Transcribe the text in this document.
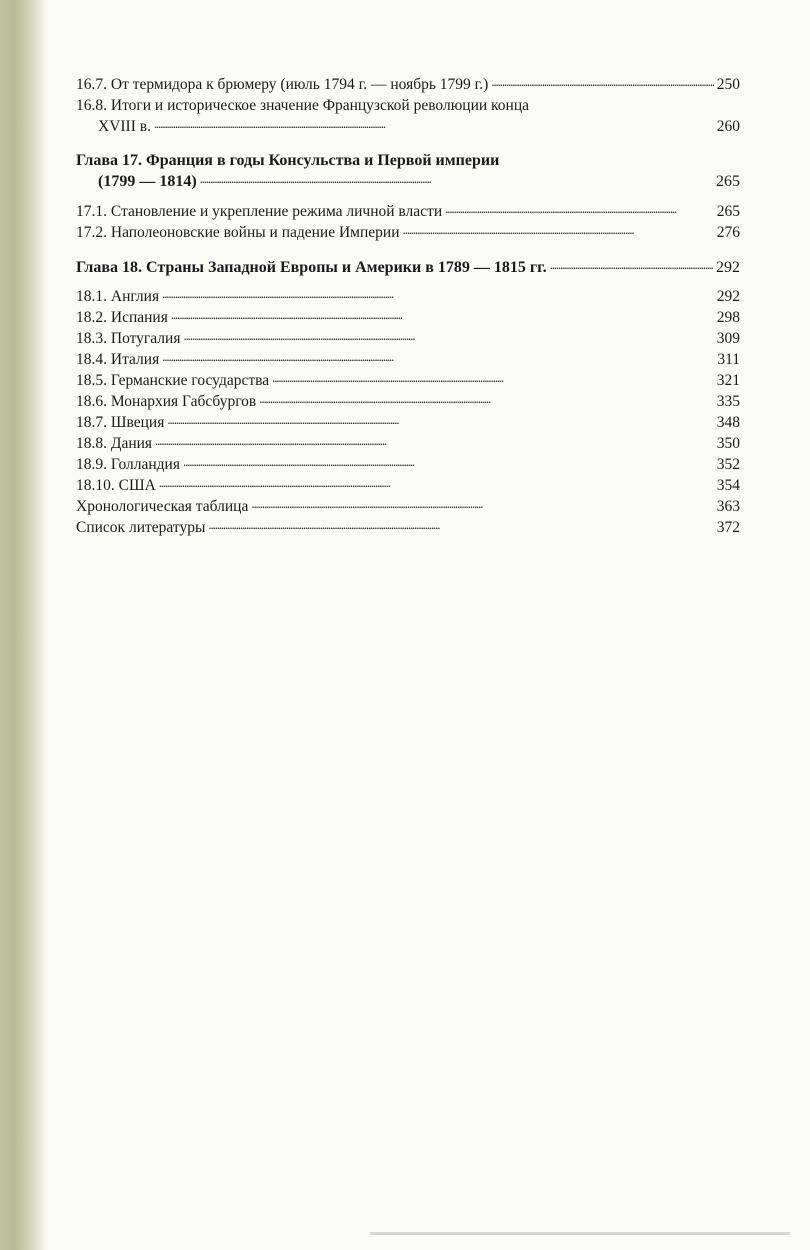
16.7. От термидора к брюмеру (июль 1794 г. — ноябрь 1799 г.) . . .	250
16.8. Итоги и историческое значение Французской революции конца
XVIII в. . . .	260
Глава 17. Франция в годы Консульства и Первой империи
(1799 — 1814) . . .	265
17.1. Становление и укрепление режима личной власти . . .	265
17.2. Наполеоновские войны и падение Империи . . .	276
Глава 18. Страны Западной Европы и Америки в 1789 — 1815 гг. . . .	292
18.1. Англия . . .	292
18.2. Испания . . .	298
18.3. Потугалия . . .	309
18.4. Италия . . .	311
18.5. Германские государства . . .	321
18.6. Монархия Габсбургов . . .	335
18.7. Швеция . . .	348
18.8. Дания . . .	350
18.9. Голландия . . .	352
18.10. США . . .	354
Хронологическая таблица . . .	363
Список литературы . . .	372
